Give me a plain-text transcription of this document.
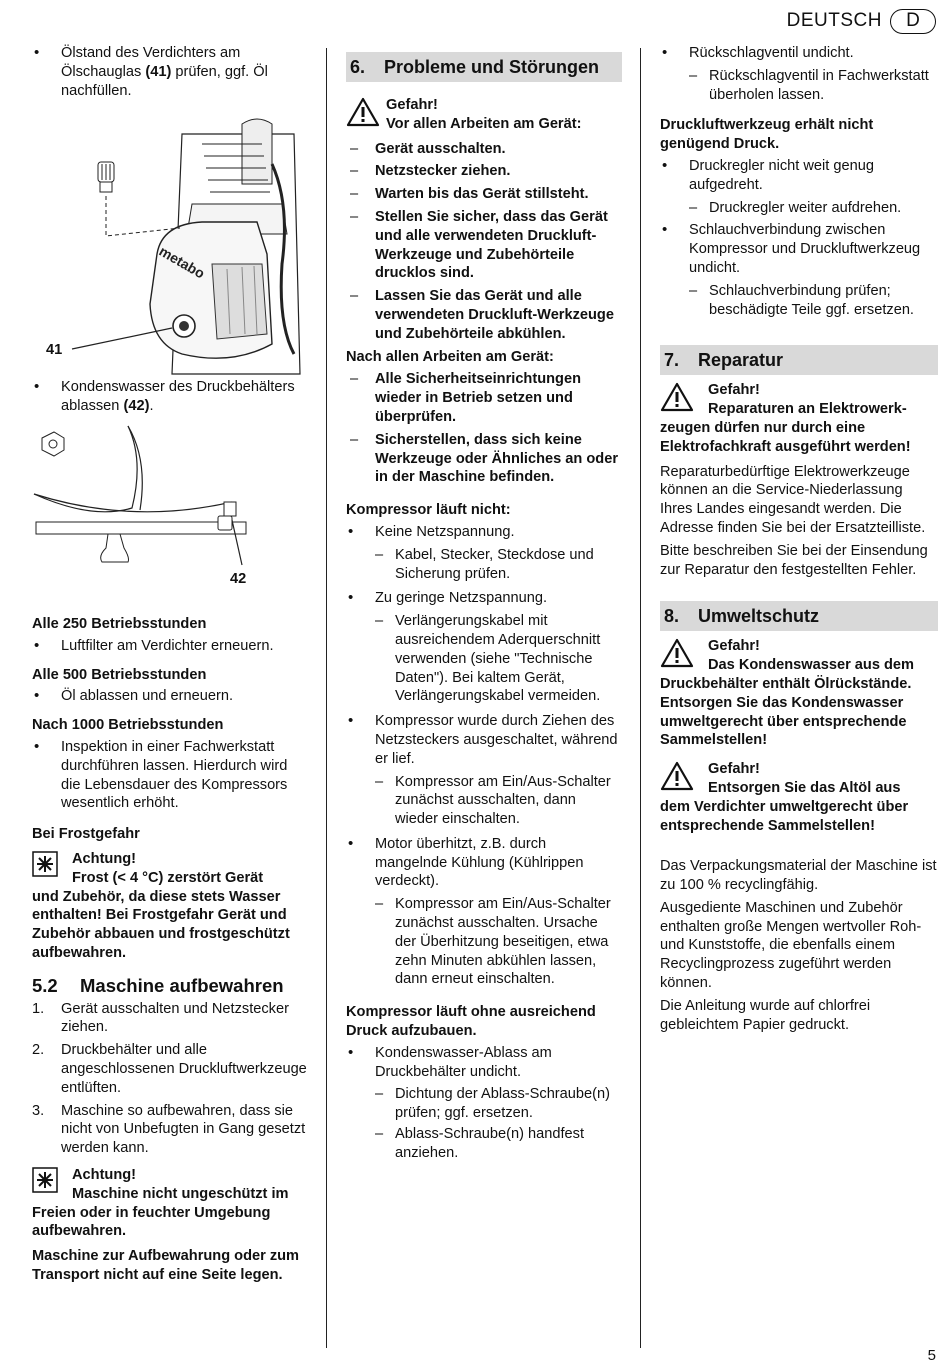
DEUTSCH	D
•	Ölstand des Verdichters am Ölschauglas (41) prüfen, ggf. Öl nachfüllen.
metabo
41
•	Kondenswasser des Druckbehälters ablassen (42).
42
Alle 250 Betriebsstunden
•	Luftfilter am Verdichter erneuern.
Alle 500 Betriebsstunden
•	Öl ablassen und erneuern.
Nach 1000 Betriebsstunden
•	Inspektion in einer Fachwerkstatt durchführen lassen. Hierdurch wird die Lebensdauer des Kompressors wesentlich erhöht.
Bei Frostgefahr
Achtung!
Frost (< 4 °C) zerstört Gerät
und Zubehör, da diese stets Wasser enthalten! Bei Frostgefahr Gerät und Zubehör abbauen und frostgeschützt aufbewahren.
5.2	Maschine aufbewahren
1.	Gerät ausschalten und Netzstecker ziehen.
2.	Druckbehälter und alle angeschlossenen Druckluftwerkzeuge entlüften.
3.	Maschine so aufbewahren, dass sie nicht von Unbefugten in Gang gesetzt werden kann.
Achtung!
Maschine nicht ungeschützt im
Freien oder in feuchter Umgebung aufbewahren.
Maschine zur Aufbewahrung oder zum Transport nicht auf eine Seite legen.
6.	Probleme und Störungen
Gefahr!
Vor allen Arbeiten am Gerät:
–	Gerät ausschalten.
–	Netzstecker ziehen.
–	Warten bis das Gerät stillsteht.
–	Stellen Sie sicher, dass das Gerät und alle verwendeten Druckluft-Werkzeuge und Zubehörteile drucklos sind.
–	Lassen Sie das Gerät und alle verwendeten Druckluft-Werkzeuge und Zubehörteile abkühlen.
Nach allen Arbeiten am Gerät:
–	Alle Sicherheitseinrichtungen wieder in Betrieb setzen und überprüfen.
–	Sicherstellen, dass sich keine Werkzeuge oder Ähnliches an oder in der Maschine befinden.
Kompressor läuft nicht:
•	Keine Netzspannung.
– Kabel, Stecker, Steckdose und Sicherung prüfen.
•	Zu geringe Netzspannung.
– Verlängerungskabel mit ausreichendem Aderquerschnitt verwenden (siehe "Technische Daten"). Bei kaltem Gerät, Verlängerungskabel vermeiden.
•	Kompressor wurde durch Ziehen des Netzsteckers ausgeschaltet, während er lief.
– Kompressor am Ein/Aus-Schalter zunächst ausschalten, dann wieder einschalten.
•	Motor überhitzt, z.B. durch mangelnde Kühlung (Kühlrippen verdeckt).
– Kompressor am Ein/Aus-Schalter zunächst ausschalten. Ursache der Überhitzung beseitigen, etwa zehn Minuten abkühlen lassen, dann erneut einschalten.
Kompressor läuft ohne ausreichend Druck aufzubauen.
•	Kondenswasser-Ablass am Druckbehälter undicht.
– Dichtung der Ablass-Schraube(n) prüfen; ggf. ersetzen.
– Ablass-Schraube(n) handfest anziehen.
•	Rückschlagventil undicht.
– Rückschlagventil in Fachwerkstatt überholen lassen.
Druckluftwerkzeug erhält nicht genügend Druck.
•	Druckregler nicht weit genug aufgedreht.
– Druckregler weiter aufdrehen.
•	Schlauchverbindung zwischen Kompressor und Druckluftwerkzeug undicht.
– Schlauchverbindung prüfen; beschädigte Teile ggf. ersetzen.
7.	Reparatur
Gefahr!
Reparaturen an Elektrowerk-
zeugen dürfen nur durch eine Elektrofachkraft ausgeführt werden!

Reparaturbedürftige Elektrowerkzeuge können an die Service-Niederlassung Ihres Landes eingesandt werden. Die Adresse finden Sie bei der Ersatzteilliste.

Bitte beschreiben Sie bei der Einsendung zur Reparatur den festgestellten Fehler.

8.	Umweltschutz
Gefahr!
Das Kondenswasser aus dem
Druckbehälter enthält Ölrückstände. Entsorgen Sie das Kondenswasser umweltgerecht über entsprechende Sammelstellen!
Gefahr!
Entsorgen Sie das Altöl aus
dem Verdichter umweltgerecht über entsprechende Sammelstellen!

Das Verpackungsmaterial der Maschine ist zu 100 % recyclingfähig.

Ausgediente Maschinen und Zubehör enthalten große Mengen wertvoller Roh- und Kunststoffe, die ebenfalls einem Recyclingprozess zugeführt werden können.

Die Anleitung wurde auf chlorfrei gebleichtem Papier gedruckt.

5
